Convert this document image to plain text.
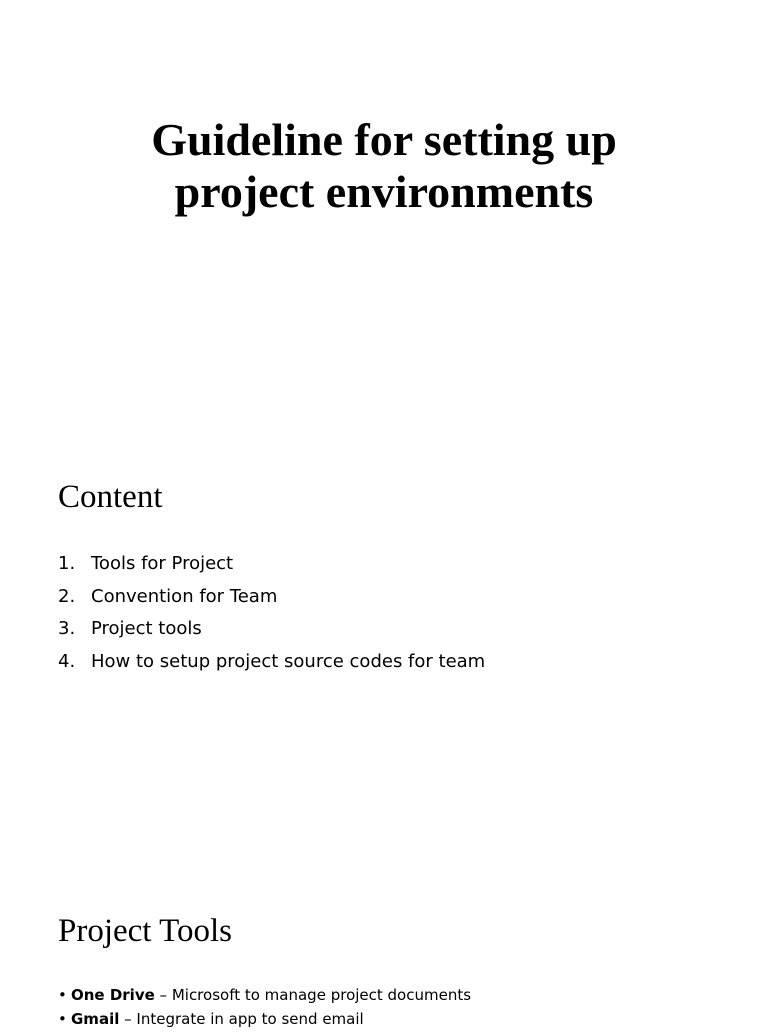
Guideline for setting up
project environments
Content
1. Tools for Project
2. Convention for Team
3. Project tools
4. How to setup project source codes for team
Project Tools
• One Drive – Microsoft to manage project documents
• Gmail – Integrate in app to send email
